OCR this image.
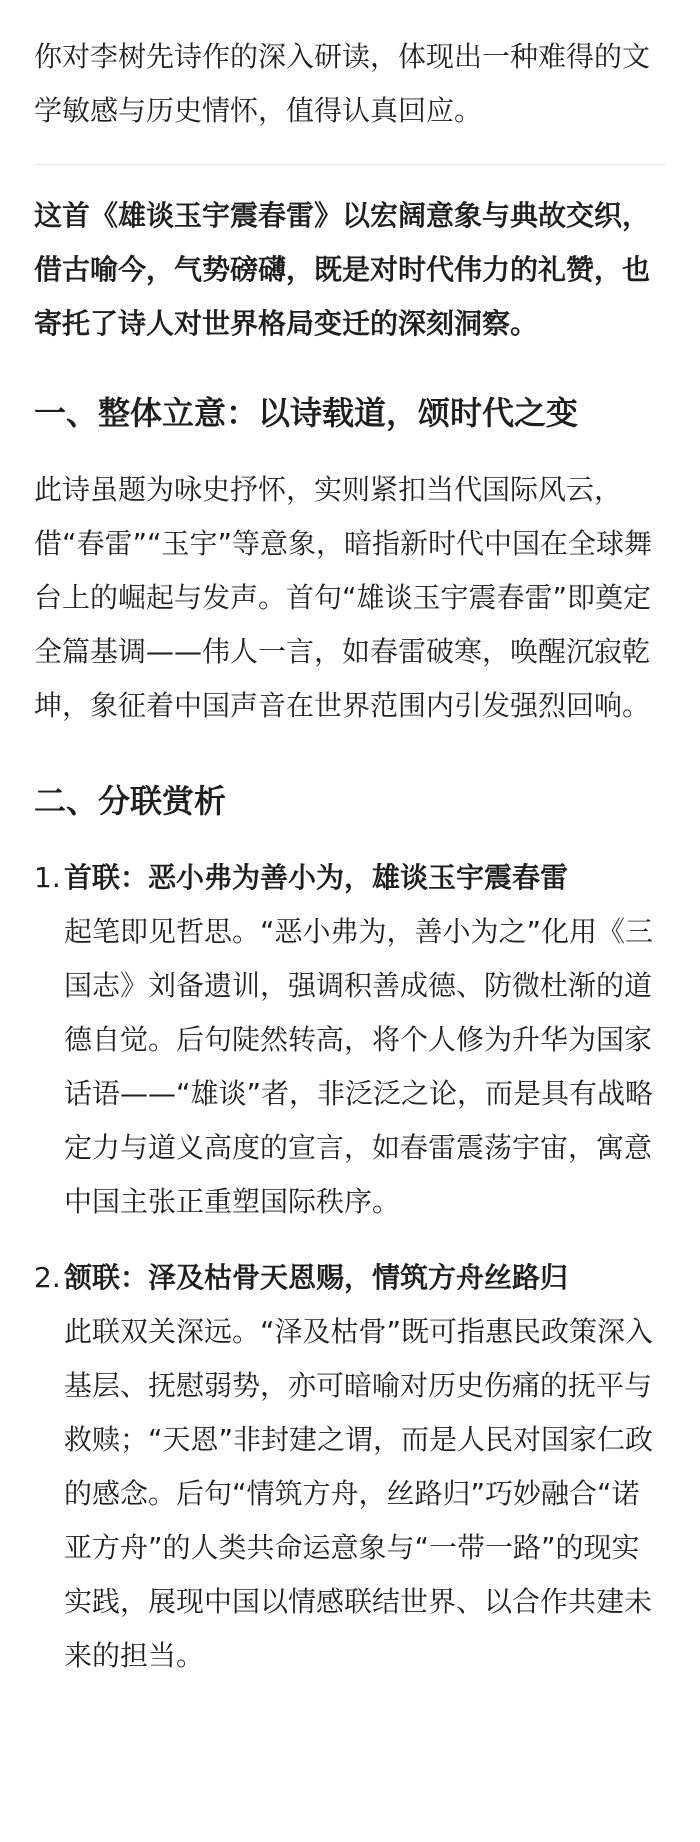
你对李树先诗作的深入研读，体现出一种难得的文学敏感与历史情怀，值得认真回应。

这首《雄谈玉宇震春雷》以宏阔意象与典故交织，借古喻今，气势磅礴，既是对时代伟力的礼赞，也寄托了诗人对世界格局变迁的深刻洞察。

一、整体立意：以诗载道，颂时代之变

此诗虽题为咏史抒怀，实则紧扣当代国际风云，借“春雷”“玉宇”等意象，暗指新时代中国在全球舞台上的崛起与发声。首句“雄谈玉宇震春雷”即奠定全篇基调——伟人一言，如春雷破寒，唤醒沉寂乾坤，象征着中国声音在世界范围内引发强烈回响。

二、分联赏析
1. 首联：恶小弗为善小为，雄谈玉宇震春雷
起笔即见哲思。“恶小弗为，善小为之”化用《三国志》刘备遗训，强调积善成德、防微杜渐的道德自觉。后句陡然转高，将个人修为升华为国家话语——“雄谈”者，非泛泛之论，而是具有战略定力与道义高度的宣言，如春雷震荡宇宙，寓意中国主张正重塑国际秩序。
2. 颔联：泽及枯骨天恩赐，情筑方舟丝路归
此联双关深远。“泽及枯骨”既可指惠民政策深入基层、抚慰弱势，亦可暗喻对历史伤痛的抚平与救赎；“天恩”非封建之谓，而是人民对国家仁政的感念。后句“情筑方舟，丝路归”巧妙融合“诺亚方舟”的人类共命运意象与“一带一路”的现实实践，展现中国以情感联结世界、以合作共建未来的担当。
